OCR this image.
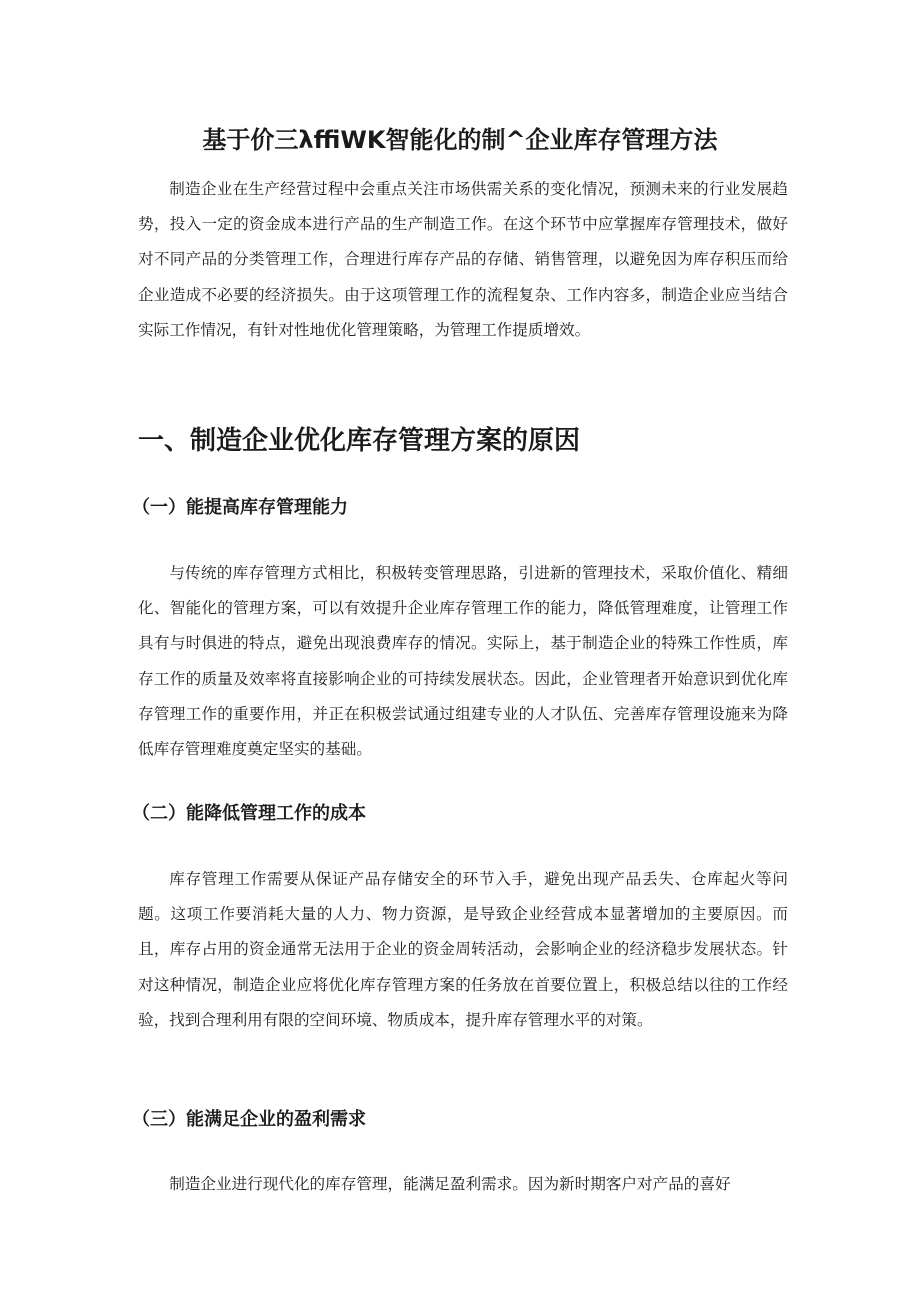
基于价三λffiWK智能化的制^企业库存管理方法

制造企业在生产经营过程中会重点关注市场供需关系的变化情况，预测未来的行业发展趋势，投入一定的资金成本进行产品的生产制造工作。在这个环节中应掌握库存管理技术，做好对不同产品的分类管理工作，合理进行库存产品的存储、销售管理，以避免因为库存积压而给企业造成不必要的经济损失。由于这项管理工作的流程复杂、工作内容多，制造企业应当结合实际工作情况，有针对性地优化管理策略，为管理工作提质增效。

一、制造企业优化库存管理方案的原因
（一）能提高库存管理能力

与传统的库存管理方式相比，积极转变管理思路，引进新的管理技术，采取价值化、精细化、智能化的管理方案，可以有效提升企业库存管理工作的能力，降低管理难度，让管理工作具有与时俱进的特点，避免出现浪费库存的情况。实际上，基于制造企业的特殊工作性质，库存工作的质量及效率将直接影响企业的可持续发展状态。因此，企业管理者开始意识到优化库存管理工作的重要作用，并正在积极尝试通过组建专业的人才队伍、完善库存管理设施来为降低库存管理难度奠定坚实的基础。

（二）能降低管理工作的成本

库存管理工作需要从保证产品存储安全的环节入手，避免出现产品丢失、仓库起火等问题。这项工作要消耗大量的人力、物力资源，是导致企业经营成本显著增加的主要原因。而且，库存占用的资金通常无法用于企业的资金周转活动，会影响企业的经济稳步发展状态。针对这种情况，制造企业应将优化库存管理方案的任务放在首要位置上，积极总结以往的工作经验，找到合理利用有限的空间环境、物质成本，提升库存管理水平的对策。

（三）能满足企业的盈利需求

制造企业进行现代化的库存管理，能满足盈利需求。因为新时期客户对产品的喜好
